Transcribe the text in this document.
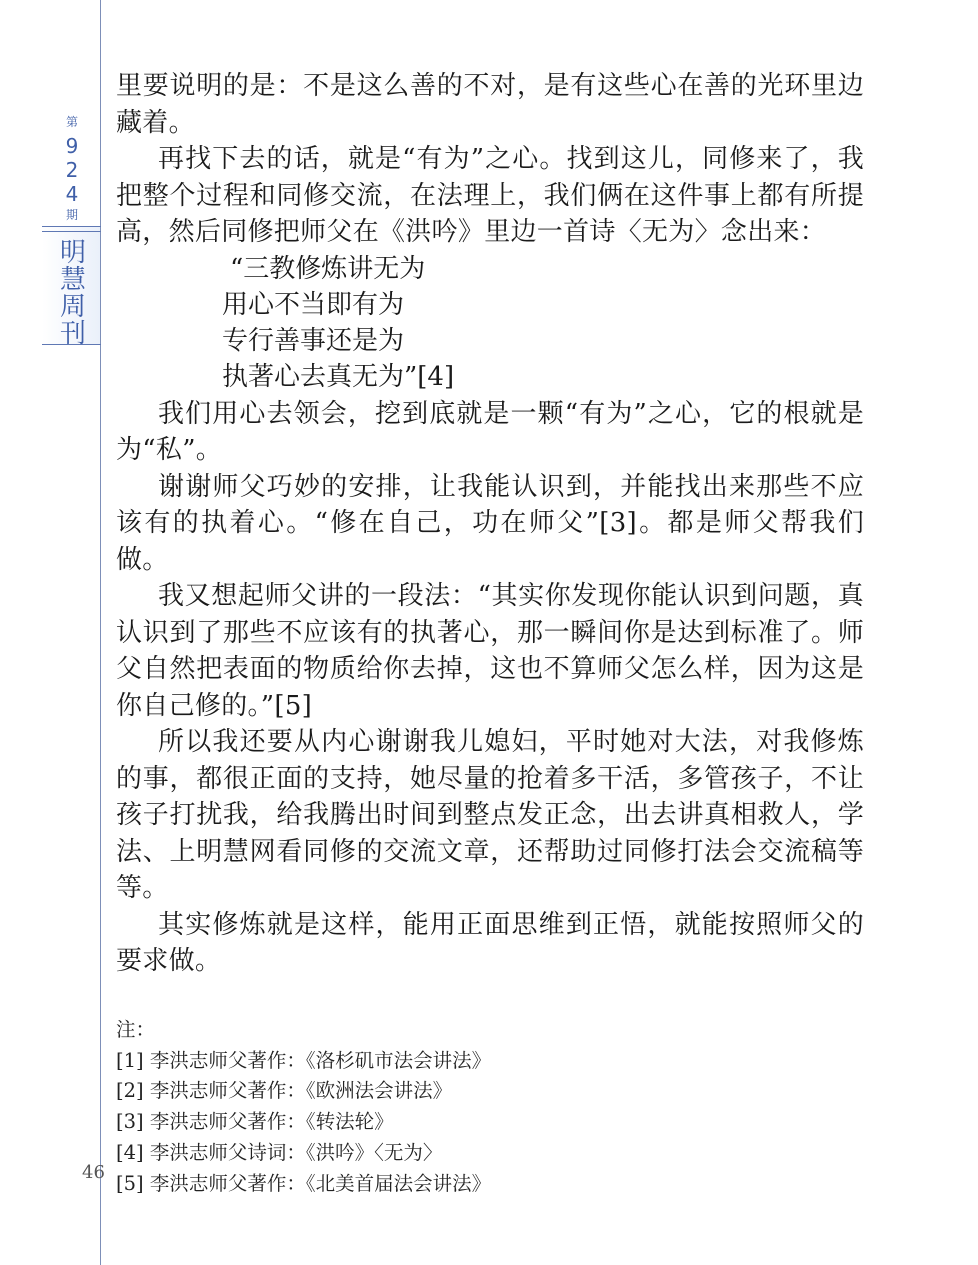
第
9
2
4
期
明
慧
周
刊
46

里要说明的是：不是这么善的不对，是有这些心在善的光环里边藏着。

再找下去的话，就是“有为”之心。找到这儿，同修来了，我把整个过程和同修交流，在法理上，我们俩在这件事上都有所提高，然后同修把师父在《洪吟》里边一首诗〈无为〉念出来：

“三教修炼讲无为

用心不当即有为

专行善事还是为

执著心去真无为”[4]

我们用心去领会，挖到底就是一颗“有为”之心，它的根就是为“私”。

谢谢师父巧妙的安排，让我能认识到，并能找出来那些不应该有的执着心。“修在自己，功在师父”[3]。都是师父帮我们做。

我又想起师父讲的一段法：“其实你发现你能认识到问题，真认识到了那些不应该有的执著心，那一瞬间你是达到标准了。师父自然把表面的物质给你去掉，这也不算师父怎么样，因为这是你自己修的。”[5]

所以我还要从内心谢谢我儿媳妇，平时她对大法，对我修炼的事，都很正面的支持，她尽量的抢着多干活，多管孩子，不让孩子打扰我，给我腾出时间到整点发正念，出去讲真相救人，学法、上明慧网看同修的交流文章，还帮助过同修打法会交流稿等等。

其实修炼就是这样，能用正面思维到正悟，就能按照师父的要求做。

注：

[1] 李洪志师父著作：《洛杉矶市法会讲法》

[2] 李洪志师父著作：《欧洲法会讲法》

[3] 李洪志师父著作：《转法轮》

[4] 李洪志师父诗词：《洪吟》〈无为〉

[5] 李洪志师父著作：《北美首届法会讲法》
